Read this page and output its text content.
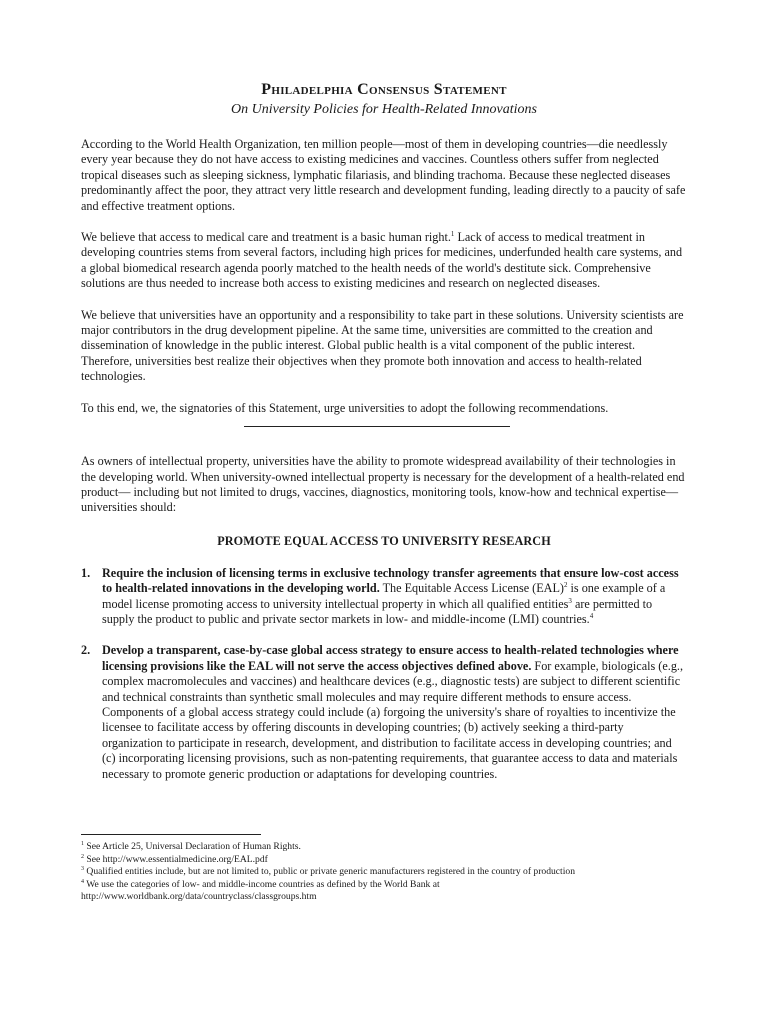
Philadelphia Consensus Statement
On University Policies for Health-Related Innovations

According to the World Health Organization, ten million people—most of them in developing countries—die needlessly every year because they do not have access to existing medicines and vaccines. Countless others suffer from neglected tropical diseases such as sleeping sickness, lymphatic filariasis, and blinding trachoma. Because these neglected diseases predominantly affect the poor, they attract very little research and development funding, leading directly to a paucity of safe and effective treatment options.

We believe that access to medical care and treatment is a basic human right.$^1$ Lack of access to medical treatment in developing countries stems from several factors, including high prices for medicines, underfunded health care systems, and a global biomedical research agenda poorly matched to the health needs of the world's destitute sick. Comprehensive solutions are thus needed to increase both access to existing medicines and research on neglected diseases.

We believe that universities have an opportunity and a responsibility to take part in these solutions. University scientists are major contributors in the drug development pipeline. At the same time, universities are committed to the creation and dissemination of knowledge in the public interest. Global public health is a vital component of the public interest. Therefore, universities best realize their objectives when they promote both innovation and access to health-related technologies.

To this end, we, the signatories of this Statement, urge universities to adopt the following recommendations.

As owners of intellectual property, universities have the ability to promote widespread availability of their technologies in the developing world. When university-owned intellectual property is necessary for the development of a health-related end product— including but not limited to drugs, vaccines, diagnostics, monitoring tools, know-how and technical expertise—universities should:

PROMOTE EQUAL ACCESS TO UNIVERSITY RESEARCH
1. Require the inclusion of licensing terms in exclusive technology transfer agreements that ensure low-cost access to health-related innovations in the developing world. The Equitable Access License (EAL)$^2$ is one example of a model license promoting access to university intellectual property in which all qualified entities$^3$ are permitted to supply the product to public and private sector markets in low- and middle-income (LMI) countries.$^4$
2. Develop a transparent, case-by-case global access strategy to ensure access to health-related technologies where licensing provisions like the EAL will not serve the access objectives defined above. For example, biologicals (e.g., complex macromolecules and vaccines) and healthcare devices (e.g., diagnostic tests) are subject to different scientific and technical constraints than synthetic small molecules and may require different methods to ensure access. Components of a global access strategy could include (a) forgoing the university's share of royalties to incentivize the licensee to facilitate access by offering discounts in developing countries; (b) actively seeking a third-party organization to participate in research, development, and distribution to facilitate access in developing countries; and (c) incorporating licensing provisions, such as non-patenting requirements, that guarantee access to data and materials necessary to promote generic production or adaptations for developing countries.
$^1$ See Article 25, Universal Declaration of Human Rights.
$^2$ See http://www.essentialmedicine.org/EAL.pdf
$^3$ Qualified entities include, but are not limited to, public or private generic manufacturers registered in the country of production
$^4$ We use the categories of low- and middle-income countries as defined by the World Bank at
http://www.worldbank.org/data/countryclass/classgroups.htm
